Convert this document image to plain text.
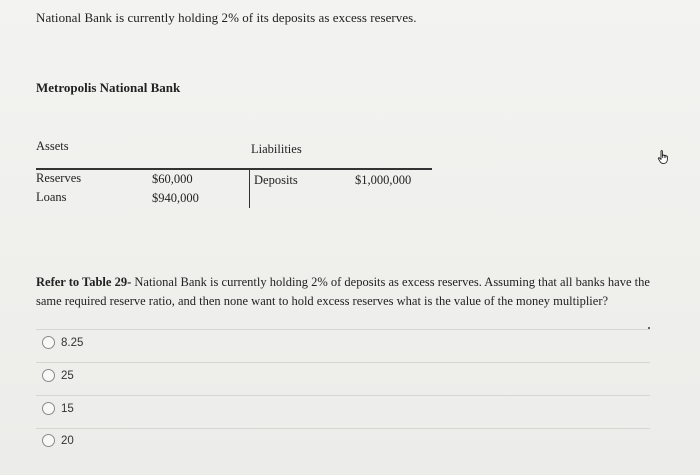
National Bank is currently holding 2% of its deposits as excess reserves.
Metropolis National Bank
Assets	Liabilities
Reserves	$60,000
Loans	$940,000
Deposits	$1,000,000
Refer to Table 29- National Bank is currently holding 2% of deposits as excess reserves. Assuming that all banks have the same required reserve ratio, and then none want to hold excess reserves what is the value of the money multiplier?
8.25
25
15
20
